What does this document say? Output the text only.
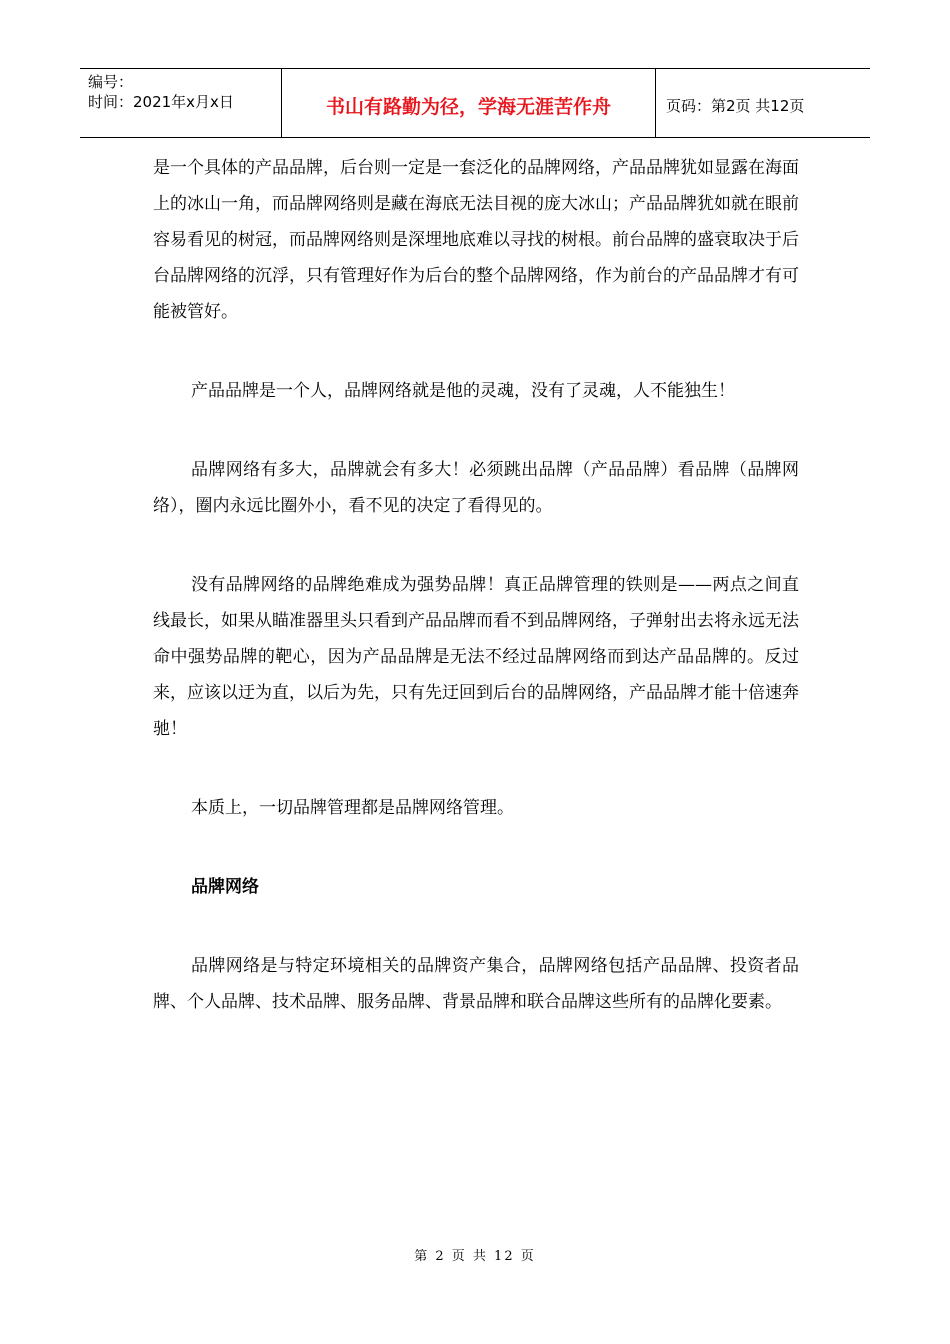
编号：
时间：2021年x月x日	书山有路勤为径，学海无涯苦作舟	页码：第2页 共12页

是一个具体的产品品牌，后台则一定是一套泛化的品牌网络，产品品牌犹如显露在海面上的冰山一角，而品牌网络则是藏在海底无法目视的庞大冰山；产品品牌犹如就在眼前容易看见的树冠，而品牌网络则是深埋地底难以寻找的树根。前台品牌的盛衰取决于后台品牌网络的沉浮，只有管理好作为后台的整个品牌网络，作为前台的产品品牌才有可能被管好。

产品品牌是一个人，品牌网络就是他的灵魂，没有了灵魂，人不能独生！

品牌网络有多大，品牌就会有多大！必须跳出品牌（产品品牌）看品牌（品牌网络），圈内永远比圈外小，看不见的决定了看得见的。

没有品牌网络的品牌绝难成为强势品牌！真正品牌管理的铁则是——两点之间直线最长，如果从瞄准器里头只看到产品品牌而看不到品牌网络，子弹射出去将永远无法命中强势品牌的靶心，因为产品品牌是无法不经过品牌网络而到达产品品牌的。反过来，应该以迂为直，以后为先，只有先迂回到后台的品牌网络，产品品牌才能十倍速奔驰！

本质上，一切品牌管理都是品牌网络管理。

品牌网络

品牌网络是与特定环境相关的品牌资产集合，品牌网络包括产品品牌、投资者品牌、个人品牌、技术品牌、服务品牌、背景品牌和联合品牌这些所有的品牌化要素。

第 2 页 共 12 页
